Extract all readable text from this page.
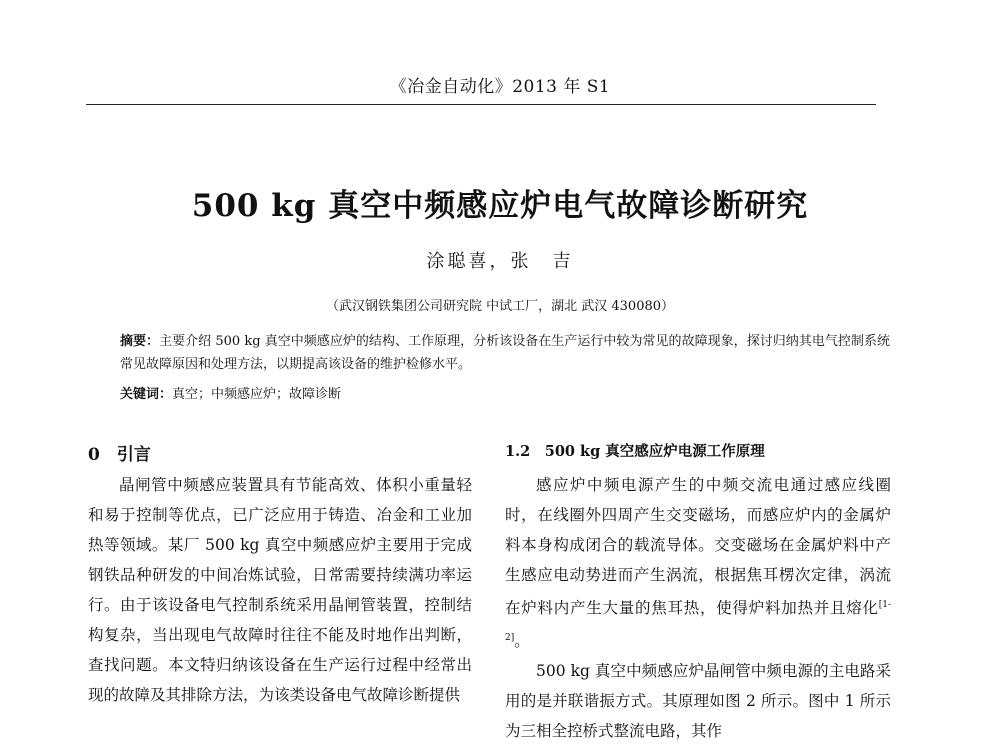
《冶金自动化》2013 年 S1
500 kg 真空中频感应炉电气故障诊断研究
涂聪喜，张　吉
（武汉钢铁集团公司研究院 中试工厂，湖北 武汉 430080）
摘要：主要介绍 500 kg 真空中频感应炉的结构、工作原理，分析该设备在生产运行中较为常见的故障现象，探讨归纳其电气控制系统常见故障原因和处理方法，以期提高该设备的维护检修水平。
关键词：真空；中频感应炉；故障诊断
0　引言

晶闸管中频感应装置具有节能高效、体积小重量轻和易于控制等优点，已广泛应用于铸造、冶金和工业加热等领域。某厂 500 kg 真空中频感应炉主要用于完成钢铁品种研发的中间冶炼试验，日常需要持续满功率运行。由于该设备电气控制系统采用晶闸管装置，控制结构复杂，当出现电气故障时往往不能及时地作出判断，查找问题。本文特归纳该设备在生产运行过程中经常出现的故障及其排除方法，为该类设备电气故障诊断提供

1.2　500 kg 真空感应炉电源工作原理

感应炉中频电源产生的中频交流电通过感应线圈时，在线圈外四周产生交变磁场，而感应炉内的金属炉料本身构成闭合的载流导体。交变磁场在金属炉料中产生感应电动势进而产生涡流，根据焦耳楞次定律，涡流在炉料内产生大量的焦耳热，使得炉料加热并且熔化[1-2]。

500 kg 真空中频感应炉晶闸管中频电源的主电路采用的是并联谐振方式。其原理如图 2 所示。图中 1 所示为三相全控桥式整流电路，其作
